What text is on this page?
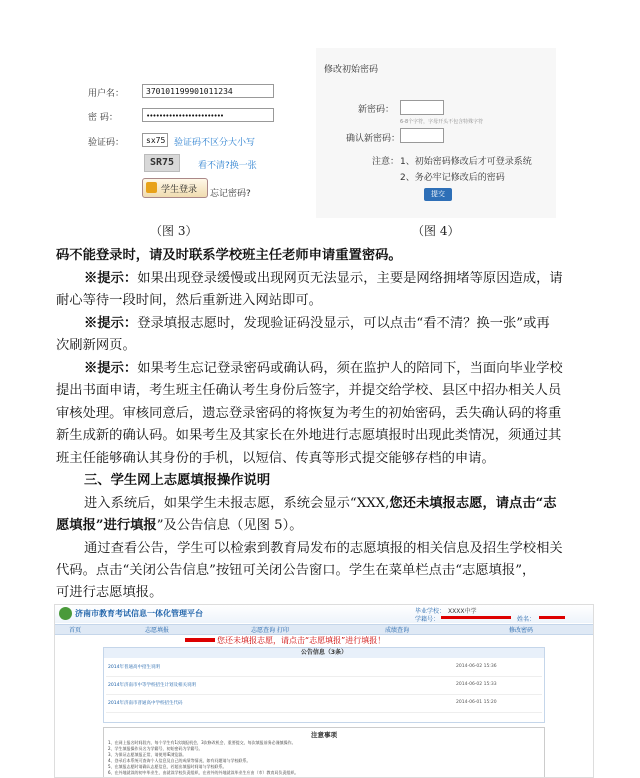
用户名：	370101199901011234
密 码：	••••••••••••••••••••••••
验证码：	sx75 验证码不区分大小写
SR75	看不清?换一张
学生登录 忘记密码?
（图 3）
修改初始密码
新密码：
6-8个字符，字母开头不包含特殊字符
确认新密码：
注意： 1、初始密码修改后才可登录系统
2、务必牢记修改后的密码
提交
（图 4）
码不能登录时，请及时联系学校班主任老师申请重置密码。
※提示：如果出现登录缓慢或出现网页无法显示，主要是网络拥堵等原因造成，请
耐心等待一段时间，然后重新进入网站即可。
※提示：登录填报志愿时，发现验证码没显示，可以点击“看不清？换一张”或再
次刷新网页。
※提示：如果考生忘记登录密码或确认码，须在监护人的陪同下，当面向毕业学校
提出书面申请，考生班主任确认考生身份后签字，并提交给学校、县区中招办相关人员
审核处理。审核同意后，遗忘登录密码的将恢复为考生的初始密码，丢失确认码的将重
新生成新的确认码。如果考生及其家长在外地进行志愿填报时出现此类情况，须通过其
班主任能够确认其身份的手机，以短信、传真等形式提交能够存档的申请。
三、学生网上志愿填报操作说明
进入系统后，如果学生未报志愿，系统会显示“XXX,您还未填报志愿，请点击“志
愿填报”进行填报”及公告信息（见图 5）。
通过查看公告，学生可以检索到教育局发布的志愿填报的相关信息及招生学校相关
代码。点击“关闭公告信息”按钮可关闭公告窗口。学生在菜单栏点击“志愿填报”，
可进行志愿填报。
济南市教育考试信息一体化管理平台	毕业学校： XXXX中学
学籍号：	姓名：
首页	志愿填报	志愿查询 打印	成绩查询	修改密码
您还未填报志愿，请点击“志愿填报”进行填报！
公告信息（3条）
2014年普通高中招生说明	2014-06-02 15:36
2014年济南市中等学校招生计划及相关说明	2014-06-02 15:33
2014年济南市普通高中学校招生代码	2014-06-01 15:20
注意事项
1、在网上报名时间段内，每个学生有1次填报机会，3次修改机会，重要提交，每次填报前务必谨慎操作。
2、学生填报操作员名为学籍号，初始密码为学籍号。
3、为保证志愿填报正常，请使用IE浏览器。
4、登录后本系统可查询个人信息及自己的成绩等情况，如有问题请与学校联系。
5、在填报志愿时请确认志愿信息，若超出填报时间请与学校联系。
6、在外地就读的初中毕业生，由就读学校负责组织，在省外的外地就读毕业生应由（市）教育局负责组织。
